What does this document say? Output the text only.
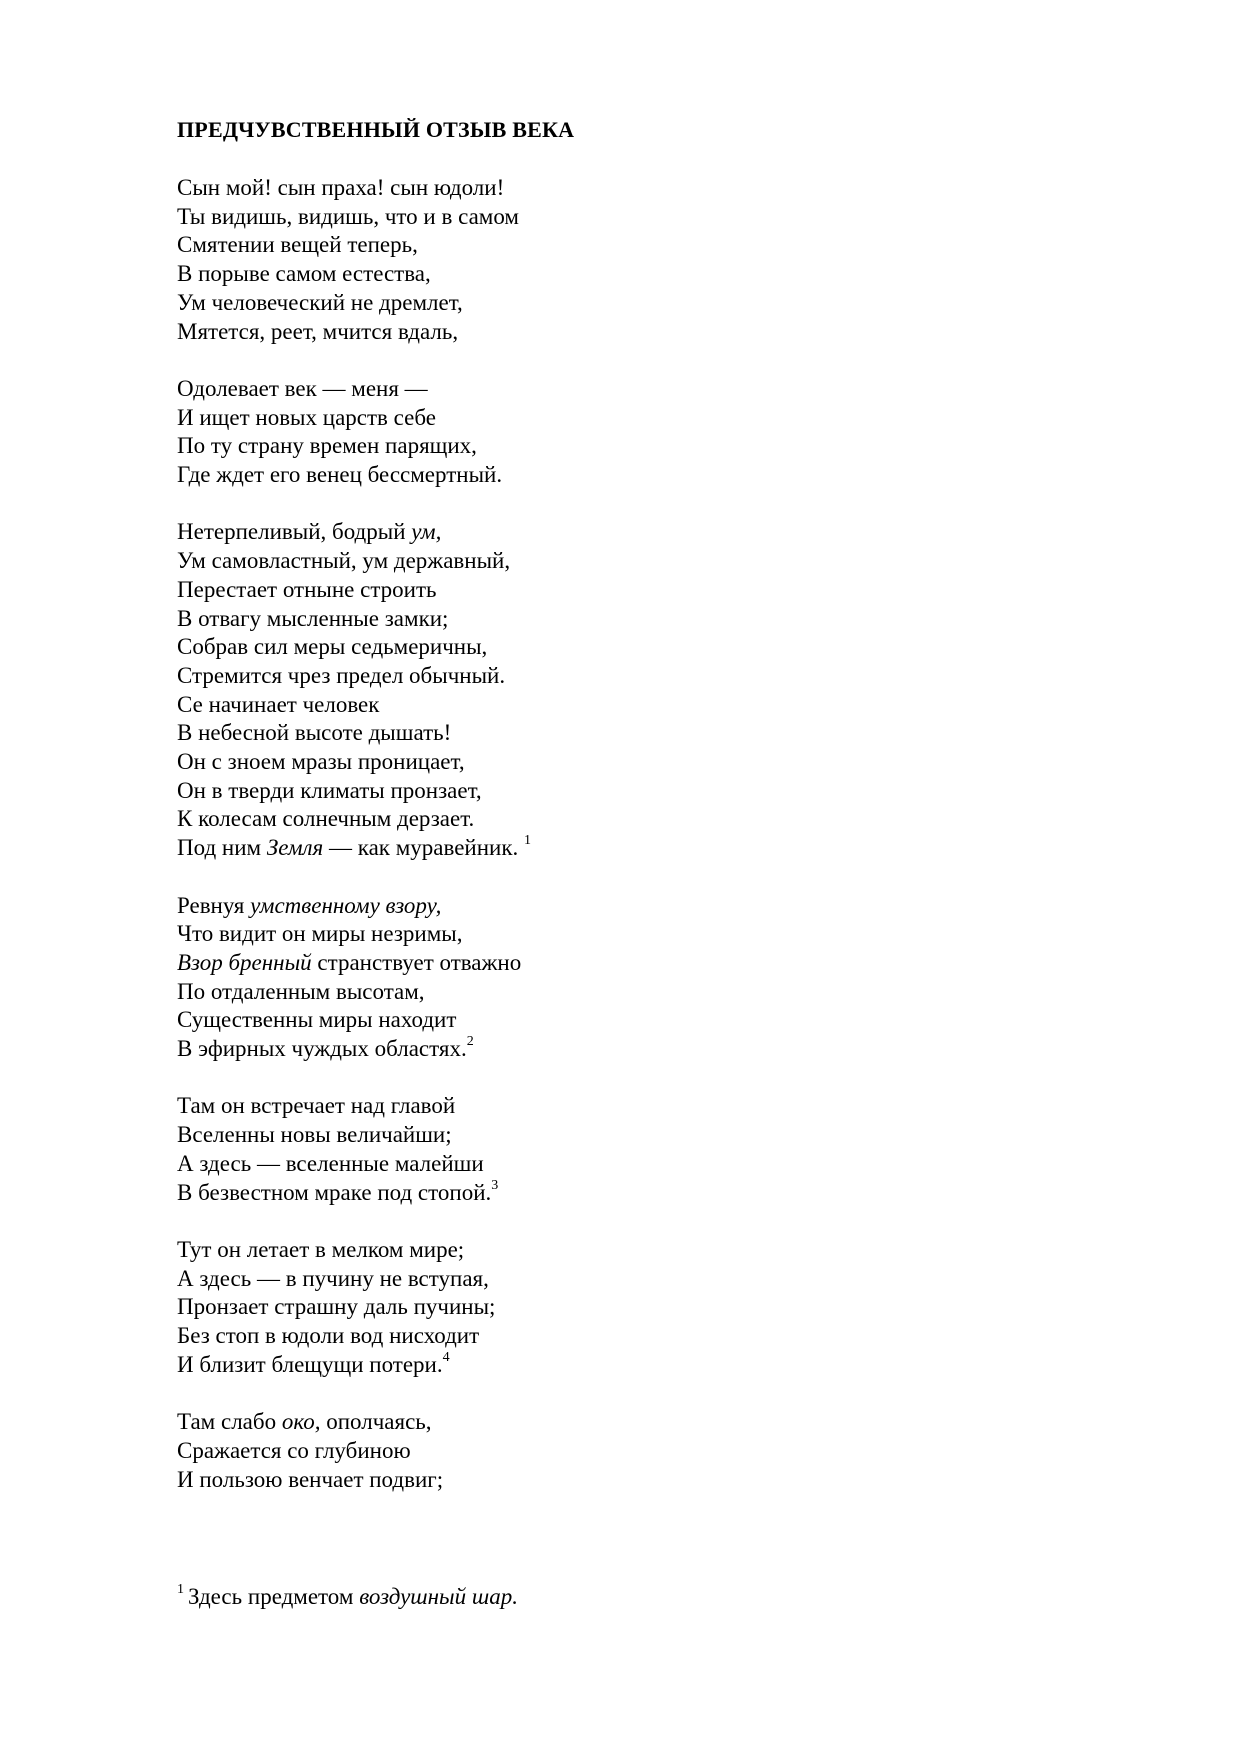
ПРЕДЧУВСТВЕННЫЙ ОТЗЫВ ВЕКА
Сын мой! сын праха! сын юдоли!
Ты видишь, видишь, что и в самом
Смятении вещей теперь,
В порыве самом естества,
Ум человеческий не дремлет,
Мятется, реет, мчится вдаль,
Одолевает век — меня —
И ищет новых царств себе
По ту страну времен парящих,
Где ждет его венец бессмертный.
Нетерпеливый, бодрый ум,
Ум самовластный, ум державный,
Перестает отныне строить
В отвагу мысленные замки;
Собрав сил меры седьмеричны,
Стремится чрез предел обычный.
Се начинает человек
В небесной высоте дышать!
Он с зноем мразы проницает,
Он в тверди климаты пронзает,
К колесам солнечным дерзает.
Под ним Земля — как муравейник. $^1$
Ревнуя умственному взору,
Что видит он миры незримы,
Взор бренный странствует отважно
По отдаленным высотам,
Существенны миры находит
В эфирных чуждых областях.$^2$
Там он встречает над главой
Вселенны новы величайши;
А здесь — вселенные малейши
В безвестном мраке под стопой.$^3$
Тут он летает в мелком мире;
А здесь — в пучину не вступая,
Пронзает страшну даль пучины;
Без стоп в юдоли вод нисходит
И близит блещущи потери.$^4$
Там слабо око, ополчаясь,
Сражается со глубиною
И пользою венчает подвиг;
$^1$ Здесь предметом воздушный шар.
